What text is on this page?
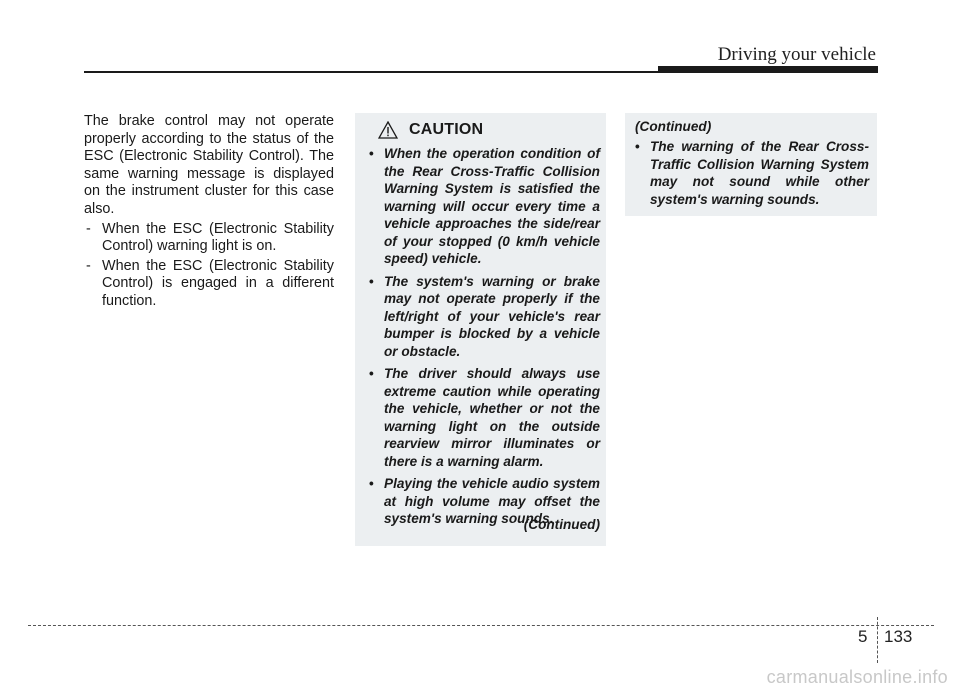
Driving your vehicle

The brake control may not operate properly according to the status of the ESC (Electronic Stability Control). The same warning message is displayed on the instrument cluster for this case also.

- When the ESC (Electronic Stability Control) warning light is on.
- When the ESC (Electronic Stability Control) is engaged in a different function.
CAUTION
• When the operation condition of the Rear Cross-Traffic Collision Warning System is satisfied the warning will occur every time a vehicle approaches the side/rear of your stopped (0 km/h vehicle speed) vehicle.
• The system's warning or brake may not operate properly if the left/right of your vehicle's rear bumper is blocked by a vehicle or obstacle.
• The driver should always use extreme caution while operating the vehicle, whether or not the warning light on the outside rearview mirror illuminates or there is a warning alarm.
• Playing the vehicle audio system at high volume may offset the system's warning sounds.
(Continued)
(Continued)
• The warning of the Rear Cross-Traffic Collision Warning System may not sound while other system's warning sounds.
5 133
carmanualsonline.info
